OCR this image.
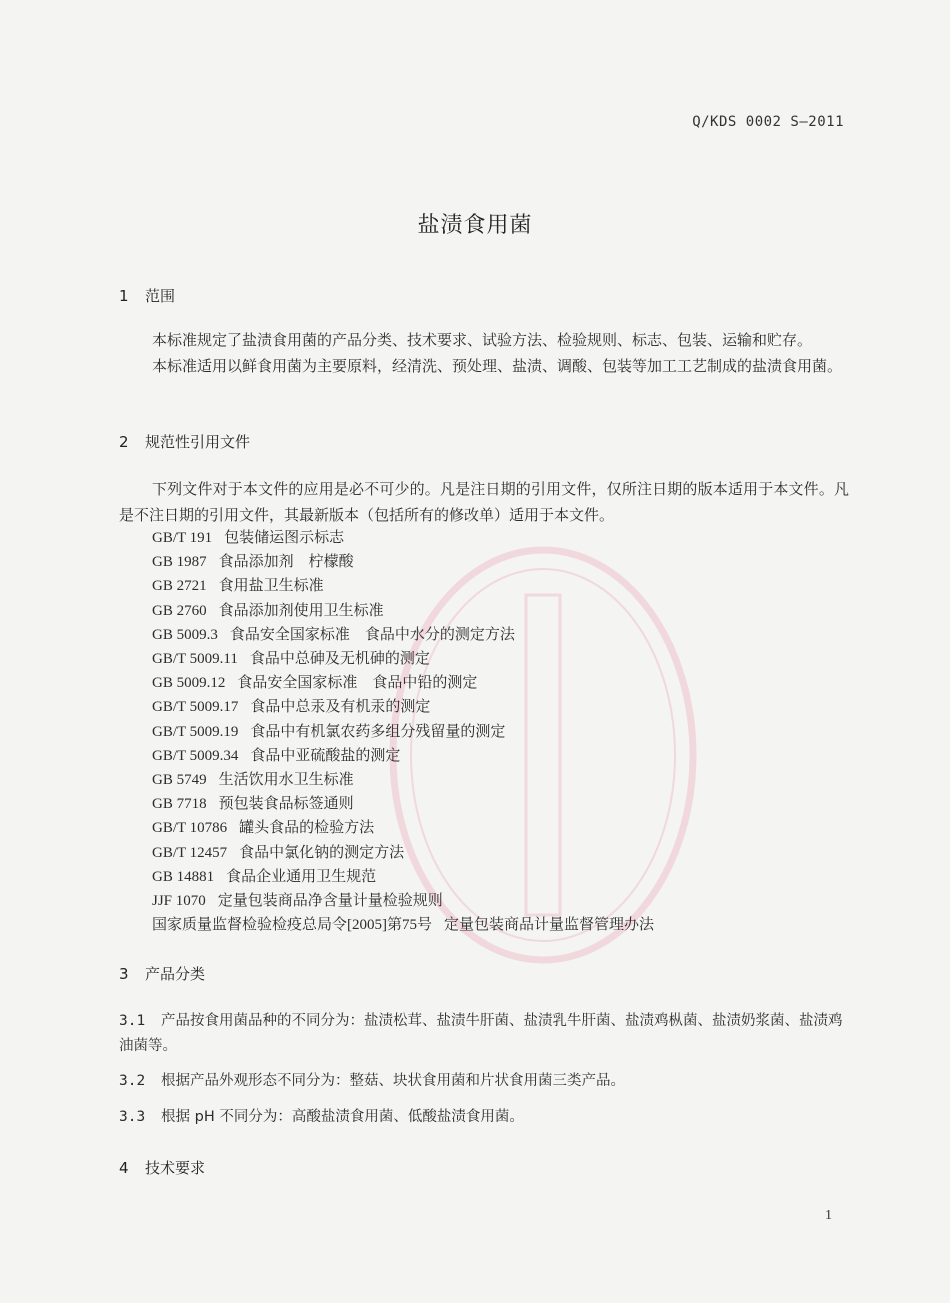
Q/KDS 0002 S—2011
盐渍食用菌
1 范围
本标准规定了盐渍食用菌的产品分类、技术要求、试验方法、检验规则、标志、包装、运输和贮存。
本标准适用以鲜食用菌为主要原料，经清洗、预处理、盐渍、调酸、包装等加工工艺制成的盐渍食用菌。
2 规范性引用文件
下列文件对于本文件的应用是必不可少的。凡是注日期的引用文件，仅所注日期的版本适用于本文件。凡是不注日期的引用文件，其最新版本（包括所有的修改单）适用于本文件。
GB/T 191 包装储运图示标志
GB 1987 食品添加剂　柠檬酸
GB 2721 食用盐卫生标准
GB 2760 食品添加剂使用卫生标准
GB 5009.3 食品安全国家标准　食品中水分的测定方法
GB/T 5009.11 食品中总砷及无机砷的测定
GB 5009.12 食品安全国家标准　食品中铅的测定
GB/T 5009.17 食品中总汞及有机汞的测定
GB/T 5009.19 食品中有机氯农药多组分残留量的测定
GB/T 5009.34 食品中亚硫酸盐的测定
GB 5749 生活饮用水卫生标准
GB 7718 预包装食品标签通则
GB/T 10786 罐头食品的检验方法
GB/T 12457 食品中氯化钠的测定方法
GB 14881 食品企业通用卫生规范
JJF 1070 定量包装商品净含量计量检验规则
国家质量监督检验检疫总局令[2005]第75号 定量包装商品计量监督管理办法
3 产品分类
3.1 产品按食用菌品种的不同分为：盐渍松茸、盐渍牛肝菌、盐渍乳牛肝菌、盐渍鸡枞菌、盐渍奶浆菌、盐渍鸡油菌等。
3.2 根据产品外观形态不同分为：整菇、块状食用菌和片状食用菌三类产品。
3.3 根据 pH 不同分为：高酸盐渍食用菌、低酸盐渍食用菌。
4 技术要求
1
